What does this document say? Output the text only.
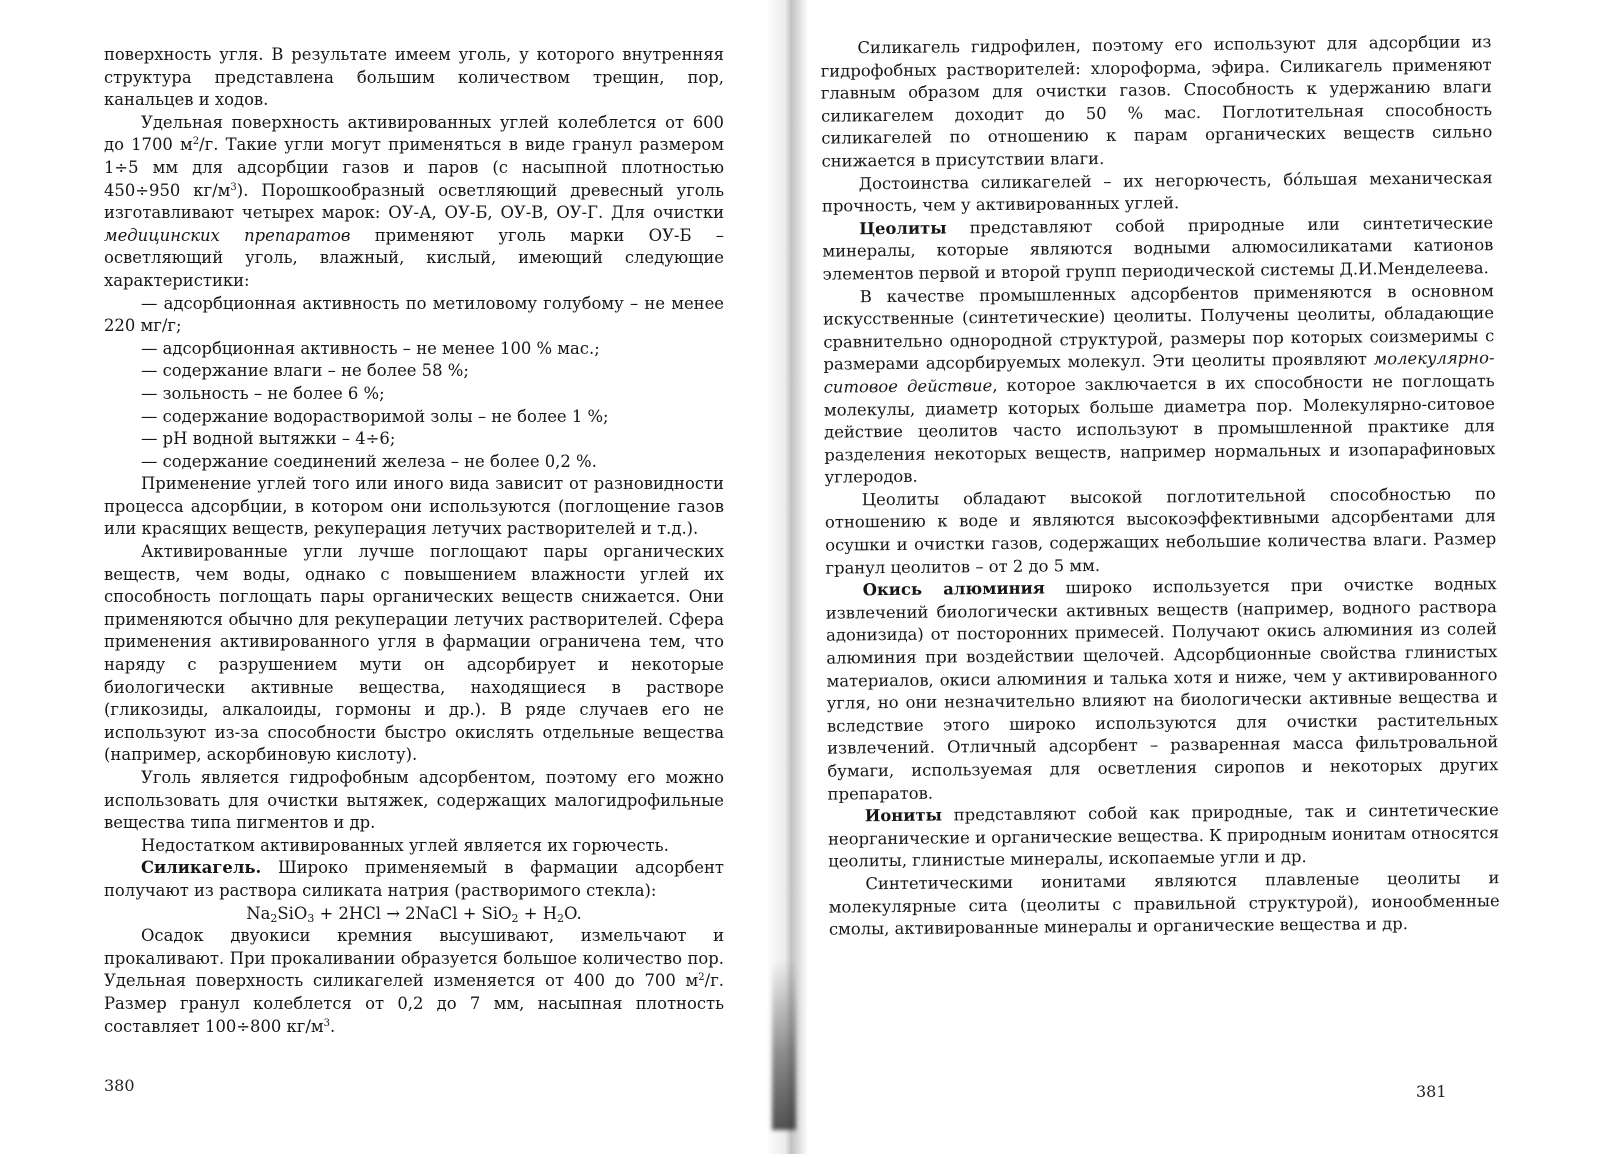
поверхность угля. В результате имеем уголь, у которого внутренняя структура представлена большим количеством трещин, пор, канальцев и ходов.

Удельная поверхность активированных углей колеблется от 600 до 1700 $м^2/г$. Такие угли могут применяться в виде гранул размером 1÷5 мм для адсорбции газов и паров (с насыпной плотностью 450÷950 $кг/м^3$). Порошкообразный осветляющий древесный уголь изготавливают четырех марок: ОУ-А, ОУ-Б, ОУ-В, ОУ-Г. Для очистки медицинских препаратов применяют уголь марки ОУ-Б – осветляющий уголь, влажный, кислый, имеющий следующие характеристики:

— адсорбционная активность по метиловому голубому – не менее 220 мг/г;

— адсорбционная активность – не менее 100 % мас.;

— содержание влаги – не более 58 %;

— зольность – не более 6 %;

— содержание водорастворимой золы – не более 1 %;

— pH водной вытяжки – 4÷6;

— содержание соединений железа – не более 0,2 %.

Применение углей того или иного вида зависит от разновидности процесса адсорбции, в котором они используются (поглощение газов или красящих веществ, рекуперация летучих растворителей и т.д.).

Активированные угли лучше поглощают пары органических веществ, чем воды, однако с повышением влажности углей их способность поглощать пары органических веществ снижается. Они применяются обычно для рекуперации летучих растворителей. Сфера применения активированного угля в фармации ограничена тем, что наряду с разрушением мути он адсорбирует и некоторые биологически активные вещества, находящиеся в растворе (гликозиды, алкалоиды, гормоны и др.). В ряде случаев его не используют из-за способности быстро окислять отдельные вещества (например, аскорбиновую кислоту).

Уголь является гидрофобным адсорбентом, поэтому его можно использовать для очистки вытяжек, содержащих малогидрофильные вещества типа пигментов и др.

Недостатком активированных углей является их горючесть.

Силикагель. Широко применяемый в фармации адсорбент получают из раствора силиката натрия (растворимого стекла):

$Na_2SiO_3 + 2HCl$ → 2NaCl + $SiO_2 + H_2O$.

Осадок двуокиси кремния высушивают, измельчают и прокаливают. При прокаливании образуется большое количество пор. Удельная поверхность силикагелей изменяется от 400 до 700 $м^2/г$. Размер гранул колеблется от 0,2 до 7 мм, насыпная плотность составляет 100÷800 $кг/м^3$.

380

Силикагель гидрофилен, поэтому его используют для адсорбции из гидрофобных растворителей: хлороформа, эфира. Силикагель применяют главным образом для очистки газов. Способность к удержанию влаги силикагелем доходит до 50 % мас. Поглотительная способность силикагелей по отношению к парам органических веществ сильно снижается в присутствии влаги.

Достоинства силикагелей – их негорючесть, бо́льшая механическая прочность, чем у активированных углей.

Цеолиты представляют собой природные или синтетические минералы, которые являются водными алюмосиликатами катионов элементов первой и второй групп периодической системы Д.И.Менделеева.

В качестве промышленных адсорбентов применяются в основном искусственные (синтетические) цеолиты. Получены цеолиты, обладающие сравнительно однородной структурой, размеры пор которых соизмеримы с размерами адсорбируемых молекул. Эти цеолиты проявляют молекулярно-ситовое действие, которое заключается в их способности не поглощать молекулы, диаметр которых больше диаметра пор. Молекулярно-ситовое действие цеолитов часто используют в промышленной практике для разделения некоторых веществ, например нормальных и изопарафиновых углеродов.

Цеолиты обладают высокой поглотительной способностью по отношению к воде и являются высокоэффективными адсорбентами для осушки и очистки газов, содержащих небольшие количества влаги. Размер гранул цеолитов – от 2 до 5 мм.

Окись алюминия широко используется при очистке водных извлечений биологически активных веществ (например, водного раствора адонизида) от посторонних примесей. Получают окись алюминия из солей алюминия при воздействии щелочей. Адсорбционные свойства глинистых материалов, окиси алюминия и талька хотя и ниже, чем у активированного угля, но они незначительно влияют на биологически активные вещества и вследствие этого широко используются для очистки растительных извлечений. Отличный адсорбент – разваренная масса фильтровальной бумаги, используемая для осветления сиропов и некоторых других препаратов.

Иониты представляют собой как природные, так и синтетические неорганические и органические вещества. К природным ионитам относятся цеолиты, глинистые минералы, ископаемые угли и др.

Синтетическими ионитами являются плавленые цеолиты и молекулярные сита (цеолиты с правильной структурой), ионообменные смолы, активированные минералы и органические вещества и др.

381
